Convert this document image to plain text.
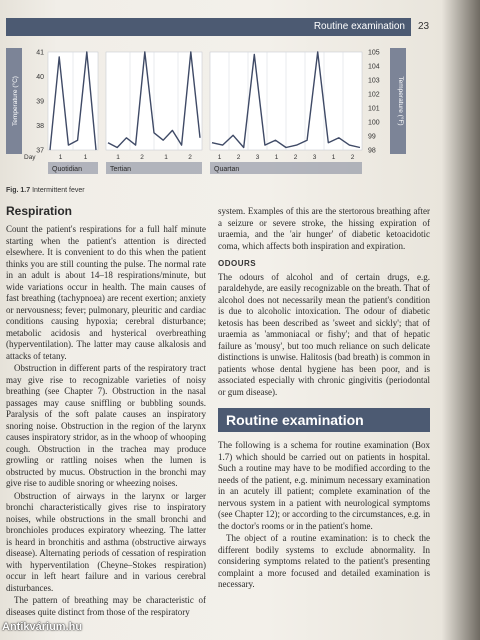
Routine examination	23
Temperature (°C)	Temperature (°F)
37
38
39
40
41
98
99
100
101
102
103
104
105
1	1
Quotidian
1	2	1	2
Tertian
1 2 3 1 2 3 1 2
Quartan
Day
Fig. 1.7 Intermittent fever
Respiration

Count the patient's respirations for a full half minute starting when the patient's attention is directed elsewhere. It is convenient to do this when the patient thinks you are still counting the pulse. The normal rate in an adult is about 14–18 respirations/minute, but wide variations occur in health. The main causes of fast breathing (tachypnoea) are recent exertion; anxiety or nervousness; fever; pulmonary, pleuritic and cardiac conditions causing hypoxia; cerebral disturbance; metabolic acidosis and hysterical overbreathing (hyperventilation). The latter may cause alkalosis and attacks of tetany.

Obstruction in different parts of the respiratory tract may give rise to recognizable varieties of noisy breathing (see Chapter 7). Obstruction in the nasal passages may cause sniffling or bubbling sounds. Paralysis of the soft palate causes an inspiratory snoring noise. Obstruction in the region of the larynx causes inspiratory stridor, as in the whoop of whooping cough. Obstruction in the trachea may produce growling or rattling noises when the lumen is obstructed by mucus. Obstruction in the bronchi may give rise to audible snoring or wheezing noises.

Obstruction of airways in the larynx or larger bronchi characteristically gives rise to inspiratory noises, while obstructions in the small bronchi and bronchioles produces expiratory wheezing. The latter is heard in bronchitis and asthma (obstructive airways disease). Alternating periods of cessation of respiration with hyperventilation (Cheyne–Stokes respiration) occur in left heart failure and in various cerebral disturbances.

The pattern of breathing may be characteristic of diseases quite distinct from those of the respiratory

system. Examples of this are the stertorous breathing after a seizure or severe stroke, the hissing expiration of uraemia, and the 'air hunger' of diabetic ketoacidotic coma, which affects both inspiration and expiration.

ODOURS

The odours of alcohol and of certain drugs, e.g. paraldehyde, are easily recognizable on the breath. That of alcohol does not necessarily mean the patient's condition is due to alcoholic intoxication. The odour of diabetic ketosis has been described as 'sweet and sickly'; that of uraemia as 'ammoniacal or fishy'; and that of hepatic failure as 'mousy', but too much reliance on such delicate distinctions is unwise. Halitosis (bad breath) is common in patients whose dental hygiene has been poor, and is associated especially with chronic gingivitis (periodontal or gum disease).

Routine examination

The following is a schema for routine examination (Box 1.7) which should be carried out on patients in hospital. Such a routine may have to be modified according to the needs of the patient, e.g. minimum necessary examination in an acutely ill patient; complete examination of the nervous system in a patient with neurological symptoms (see Chapter 12); or according to the circumstances, e.g. in the doctor's rooms or in the patient's home.

The object of a routine examination: is to check the different bodily systems to exclude abnormality. In considering symptoms related to the patient's presenting complaint a more focused and detailed examination is necessary.

Antikvárium.hu
